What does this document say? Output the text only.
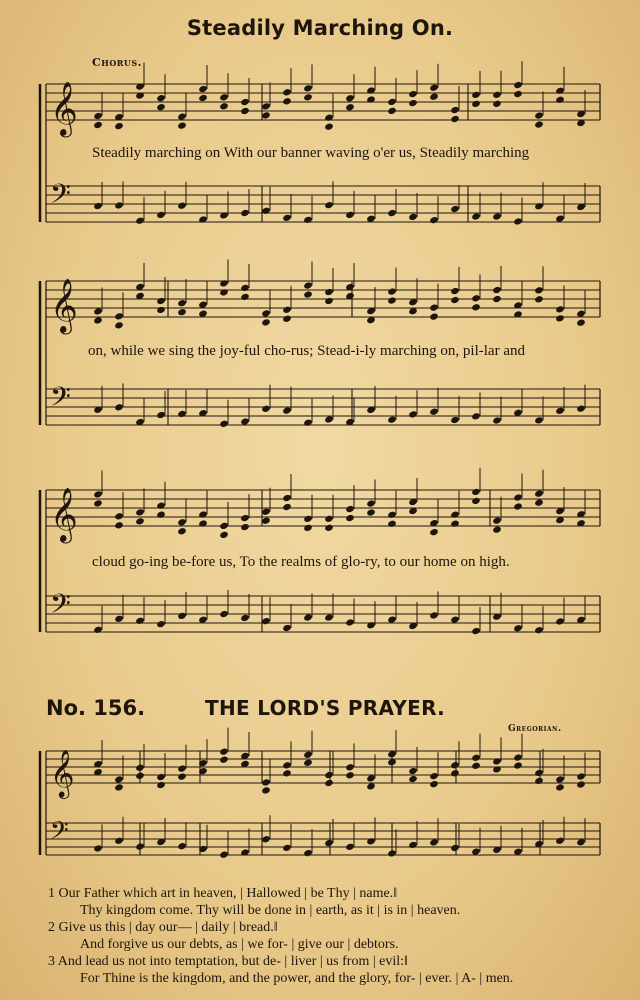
Steadily Marching On.
Chorus.
𝄞
𝄢
𝄞
𝄢
𝄞
𝄢
𝄞
𝄢
Steadily marching on With our banner waving o'er us, Steadily marching
on, while we sing the joy-ful cho-rus; Stead-i-ly marching on, pil-lar and
cloud go-ing be-fore us, To the realms of glo-ry, to our home on high.
No. 156.	THE LORD'S PRAYER.
Gregorian.
1 Our Father which art in heaven, | Hallowed | be Thy | name.‖
Thy kingdom come. Thy will be done in | earth, as it | is in | heaven.
2 Give us this | day our— | daily | bread.‖
And forgive us our debts, as | we for- | give our | debtors.
3 And lead us not into temptation, but de- | liver | us from | evil:‖
For Thine is the kingdom, and the power, and the glory, for- | ever. | A- | men.
